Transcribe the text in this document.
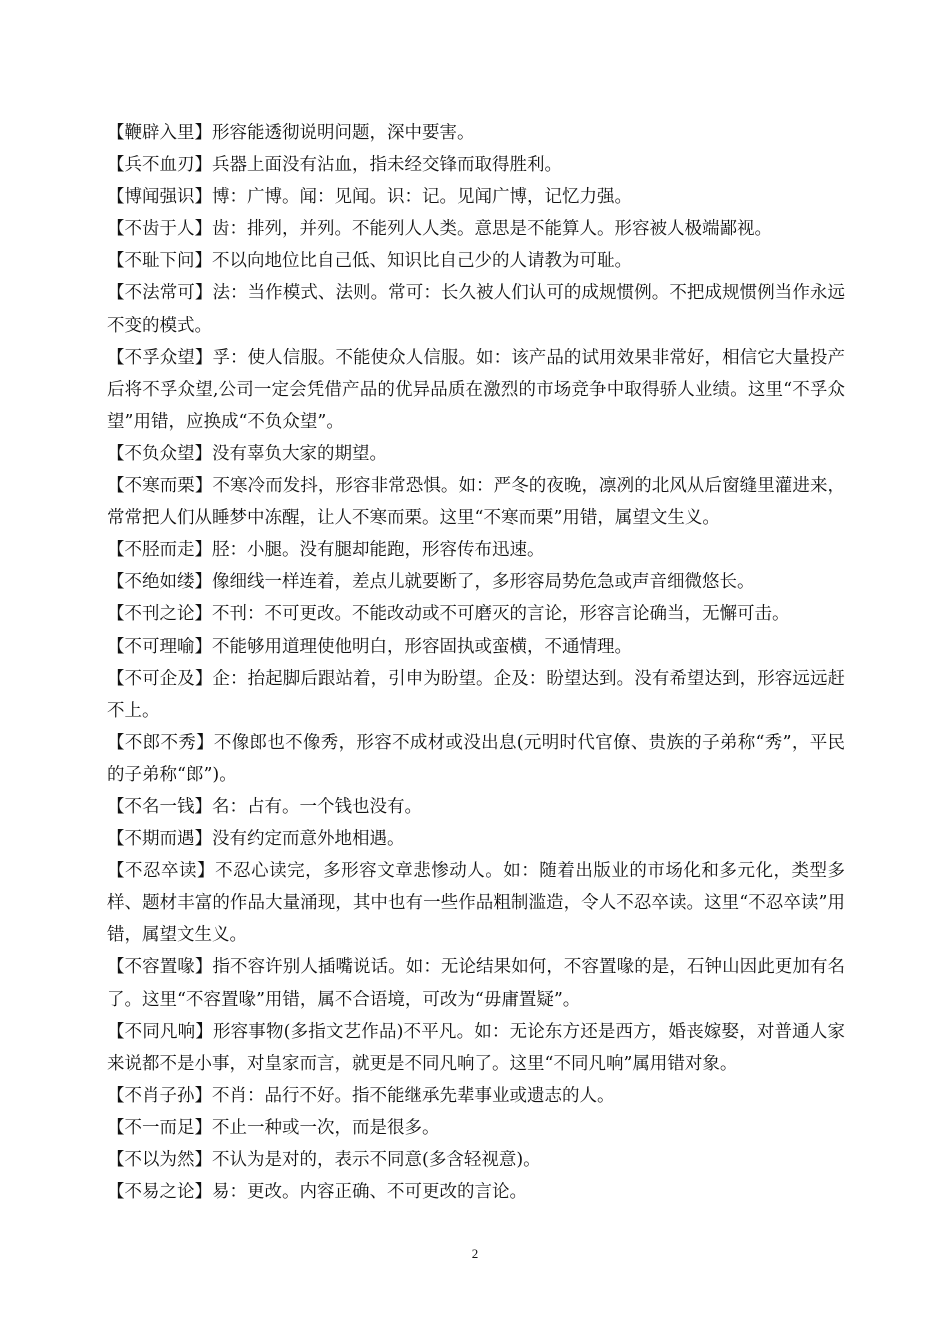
【鞭辟入里】形容能透彻说明问题，深中要害。

【兵不血刃】兵器上面没有沾血，指未经交锋而取得胜利。

【博闻强识】博：广博。闻：见闻。识：记。见闻广博，记忆力强。

【不齿于人】齿：排列，并列。不能列人人类。意思是不能算人。形容被人极端鄙视。

【不耻下问】不以向地位比自己低、知识比自己少的人请教为可耻。

【不法常可】法：当作模式、法则。常可：长久被人们认可的成规惯例。不把成规惯例当作永远不变的模式。

【不孚众望】孚：使人信服。不能使众人信服。如：该产品的试用效果非常好，相信它大量投产后将不孚众望,公司一定会凭借产品的优异品质在激烈的市场竞争中取得骄人业绩。这里“不孚众望”用错，应换成“不负众望”。

【不负众望】没有辜负大家的期望。

【不寒而栗】不寒冷而发抖，形容非常恐惧。如：严冬的夜晚，凛冽的北风从后窗缝里灌进来，常常把人们从睡梦中冻醒，让人不寒而栗。这里“不寒而栗”用错，属望文生义。

【不胫而走】胫：小腿。没有腿却能跑，形容传布迅速。

【不绝如缕】像细线一样连着，差点儿就要断了，多形容局势危急或声音细微悠长。

【不刊之论】不刊：不可更改。不能改动或不可磨灭的言论，形容言论确当，无懈可击。

【不可理喻】不能够用道理使他明白，形容固执或蛮横，不通情理。

【不可企及】企：抬起脚后跟站着，引申为盼望。企及：盼望达到。没有希望达到，形容远远赶不上。

【不郎不秀】不像郎也不像秀，形容不成材或没出息(元明时代官僚、贵族的子弟称“秀”，平民的子弟称“郎”)。

【不名一钱】名：占有。一个钱也没有。

【不期而遇】没有约定而意外地相遇。

【不忍卒读】不忍心读完，多形容文章悲惨动人。如：随着出版业的市场化和多元化，类型多样、题材丰富的作品大量涌现，其中也有一些作品粗制滥造，令人不忍卒读。这里“不忍卒读”用错，属望文生义。

【不容置喙】指不容许别人插嘴说话。如：无论结果如何，不容置喙的是，石钟山因此更加有名了。这里“不容置喙”用错，属不合语境，可改为“毋庸置疑”。

【不同凡响】形容事物(多指文艺作品)不平凡。如：无论东方还是西方，婚丧嫁娶，对普通人家来说都不是小事，对皇家而言，就更是不同凡响了。这里“不同凡响”属用错对象。

【不肖子孙】不肖：品行不好。指不能继承先辈事业或遗志的人。

【不一而足】不止一种或一次，而是很多。

【不以为然】不认为是对的，表示不同意(多含轻视意)。

【不易之论】易：更改。内容正确、不可更改的言论。

2
